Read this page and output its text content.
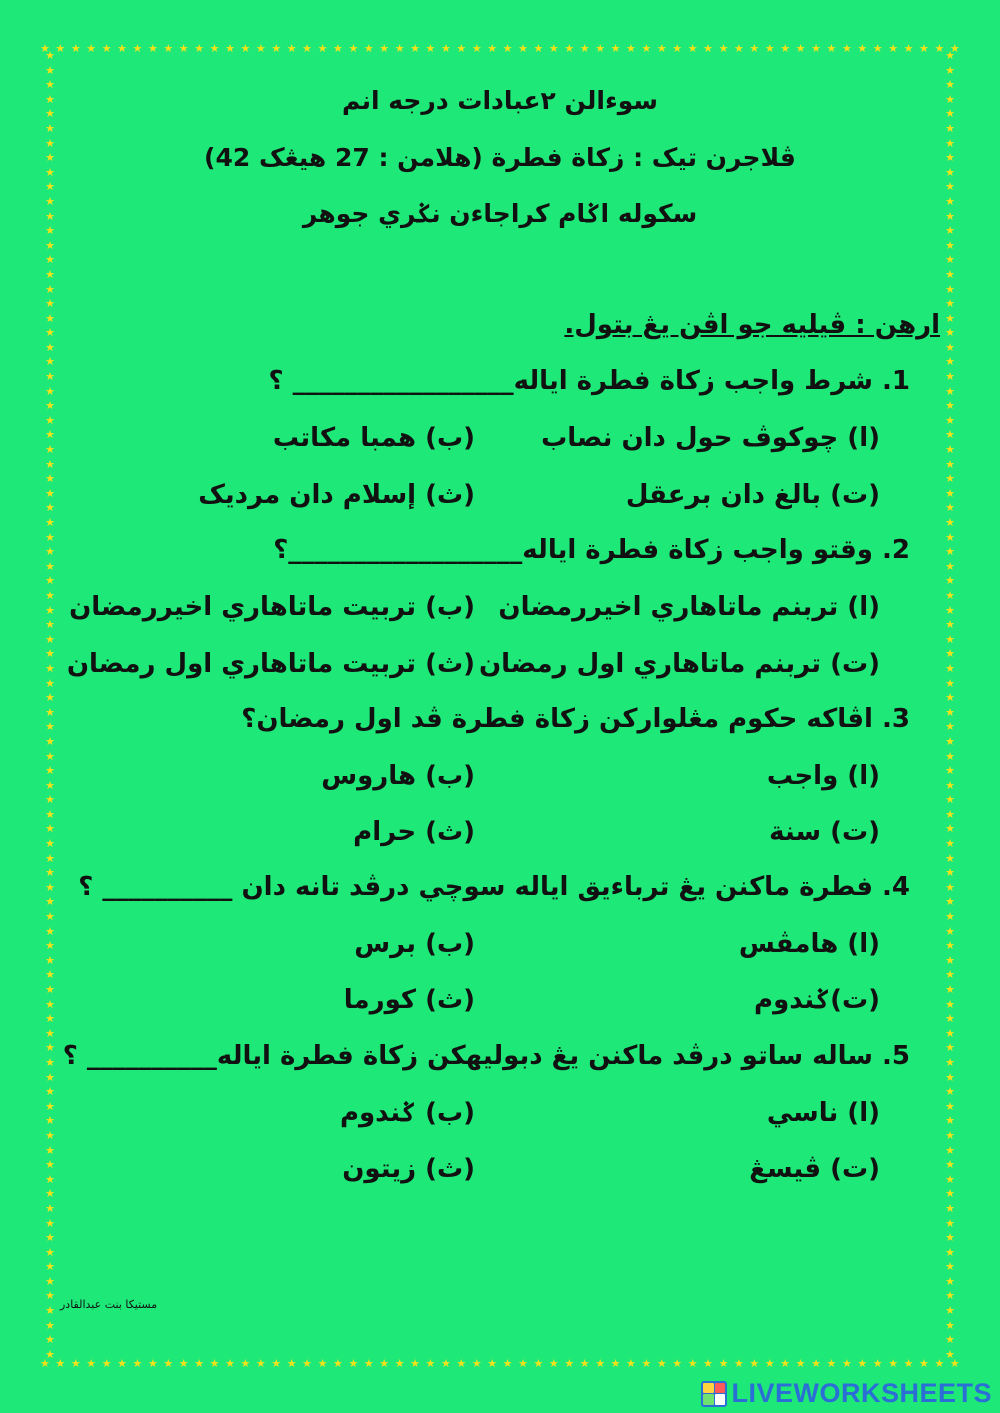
★ ★ ★ ★ ★ ★ ★ ★ ★ ★ ★ ★ ★ ★ ★ ★ ★ ★ ★ ★ ★ ★ ★ ★ ★ ★ ★ ★ ★ ★ ★ ★ ★ ★ ★ ★ ★ ★ ★ ★ ★ ★ ★ ★ ★ ★ ★ ★ ★ ★ ★ ★ ★ ★ ★ ★ ★ ★ ★ ★
★ ★ ★ ★ ★ ★ ★ ★ ★ ★ ★ ★ ★ ★ ★ ★ ★ ★ ★ ★ ★ ★ ★ ★ ★ ★ ★ ★ ★ ★ ★ ★ ★ ★ ★ ★ ★ ★ ★ ★ ★ ★ ★ ★ ★ ★ ★ ★ ★ ★ ★ ★ ★ ★ ★ ★ ★ ★ ★ ★
★
★
★
★
★
★
★
★
★
★
★
★
★
★
★
★
★
★
★
★
★
★
★
★
★
★
★
★
★
★
★
★
★
★
★
★
★
★
★
★
★
★
★
★
★
★
★
★
★
★
★
★
★
★
★
★
★
★
★
★
★
★
★
★
★
★
★
★
★
★
★
★
★
★
★
★
★
★
★
★
★
★
★
★
★
★
★
★
★
★
★
★
★
★
★
★
★
★
★
★
★
★
★
★
★
★
★
★
★
★
★
★
★
★
★
★
★
★
★
★
★
★
★
★
★
★
★
★
★
★
★
★
★
★
★
★
★
★
★
★
★
★
★
★
★
★
★
★
★
★
★
★
★
★
★
★
★
★
★
★
★
★
★
★
★
★
★
★
★
★
★
★
★
★
★
★
★
★
★
★
سوءالن ٢عبادات درجه انم
ڤلاجرن تيک : زكاة فطرة (هلامن : 27 هيڠک 42)
سکوله اݢام كراجاءن نݢري جوهر
ارهن : ڤيليه جو اڤن يڠ بتول.
1. شرط واجب زكاة فطرة اياله_________________ ؟
(ا) چوكوڤ حول دان نصاب
(ب) همبا مكاتب
(ت) بالغ دان برعقل
(ث) إسلام دان مرديک
2. وقتو واجب زكاة فطرة اياله__________________؟
(ا) تربنم ماتاهاري اخيررمضان
(ب) تربيت ماتاهاري اخيررمضان
(ت) تربنم ماتاهاري اول رمضان
(ث) تربيت ماتاهاري اول رمضان
3. اڤاكه حكوم مڠلواركن زكاة فطرة ڤد اول رمضان؟
(ا) واجب
(ب) هاروس
(ت) سنة
(ث) حرام
4. فطرة ماكنن يڠ ترباءيق اياله سوچي درڤد تانه دان __________ ؟
(ا) هامڤس
(ب) برس
(ت)ݢندوم
(ث) كورما
5. ساله ساتو درڤد ماكنن يڠ دبولیهكن زكاة فطرة اياله__________ ؟
(ا) ناسي
(ب) ݢندوم
(ت) ڤيسڠ
(ث) زيتون
مستيكا بنت عبدالقادر
LIVEWORKSHEETS
